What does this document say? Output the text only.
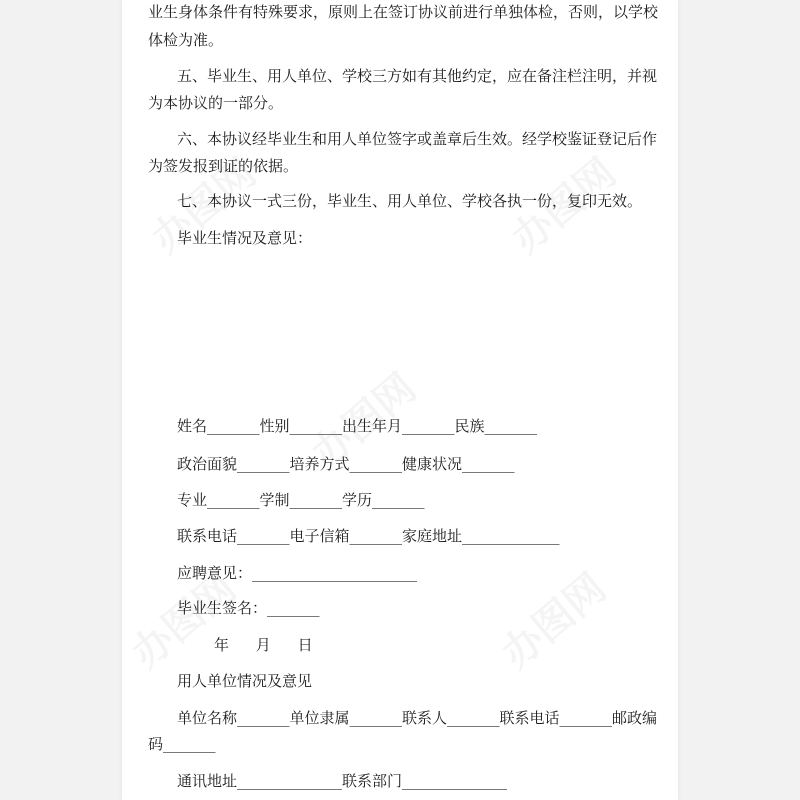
业生身体条件有特殊要求，原则上在签订协议前进行单独体检，否则，以学校
体检为准。
五、毕业生、用人单位、学校三方如有其他约定，应在备注栏注明，并视
为本协议的一部分。
六、本协议经毕业生和用人单位签字或盖章后生效。经学校鉴证登记后作
为签发报到证的依据。
七、本协议一式三份，毕业生、用人单位、学校各执一份，复印无效。
毕业生情况及意见：
姓名_______性别_______出生年月_______民族_______
政治面貌_______培养方式_______健康状况_______
专业_______学制_______学历_______
联系电话_______电子信箱_______家庭地址_____________
应聘意见：______________________
毕业生签名：_______
年 月 日
用人单位情况及意见
单位名称_______单位隶属_______联系人_______联系电话_______邮政编
码_______
通讯地址______________联系部门______________
